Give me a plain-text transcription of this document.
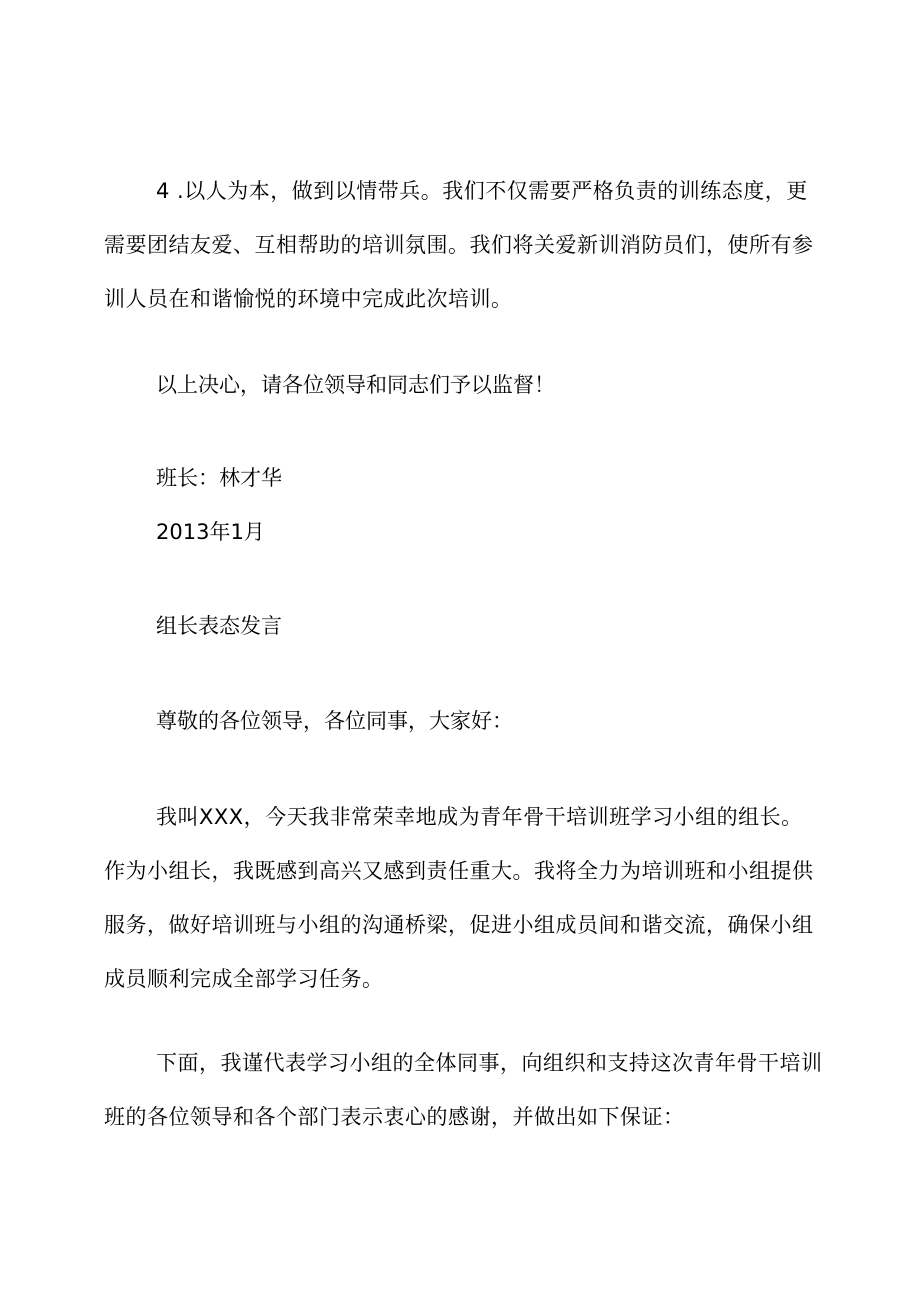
4 .以人为本，做到以情带兵。我们不仅需要严格负责的训练态度，更需要团结友爱、互相帮助的培训氛围。我们将关爱新训消防员们，使所有参训人员在和谐愉悦的环境中完成此次培训。

以上决心，请各位领导和同志们予以监督！

班长：林才华

2013年1月

组长表态发言

尊敬的各位领导，各位同事，大家好：

我叫XXX，今天我非常荣幸地成为青年骨干培训班学习小组的组长。作为小组长，我既感到高兴又感到责任重大。我将全力为培训班和小组提供服务，做好培训班与小组的沟通桥梁，促进小组成员间和谐交流，确保小组成员顺利完成全部学习任务。

下面，我谨代表学习小组的全体同事，向组织和支持这次青年骨干培训班的各位领导和各个部门表示衷心的感谢，并做出如下保证：
